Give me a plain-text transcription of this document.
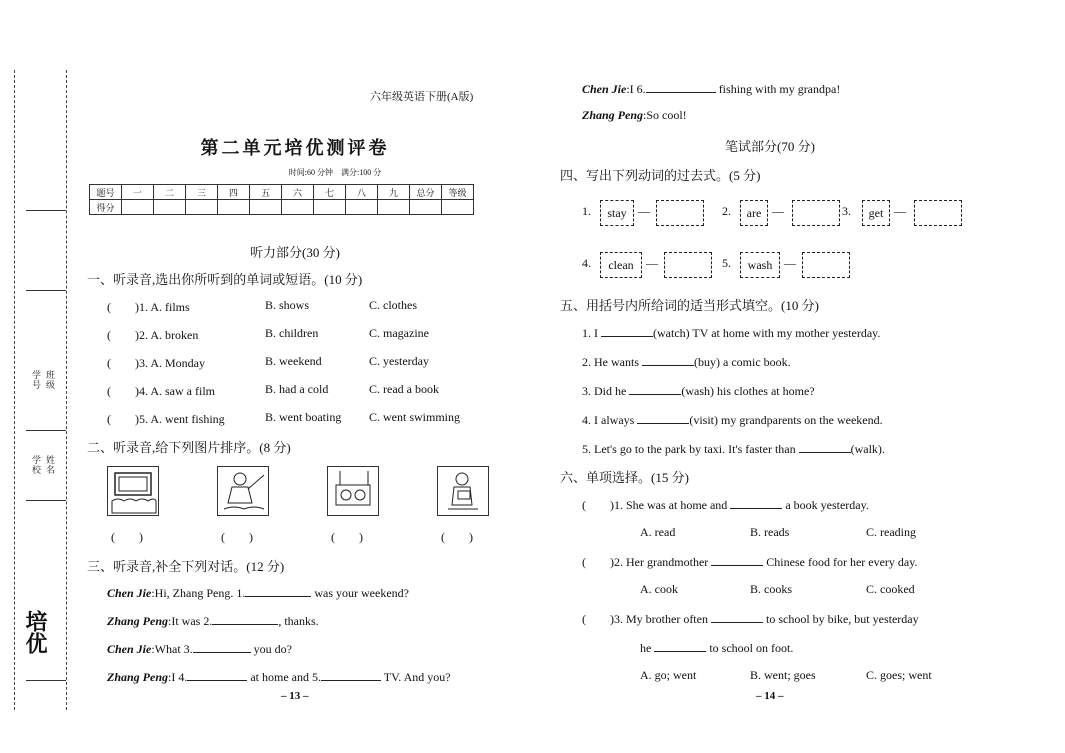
班级
学号
姓名
学校
培优
六年级英语下册(A版)
第二单元培优测评卷
时间:60 分钟　满分:100 分
题号	一	二	三	四	五	六	七	八	九	总分	等级
得分											
听力部分(30 分)
一、听录音,选出你所听到的单词或短语。(10 分)
(　　)1. A. films	B. shows	C. clothes
(　　)2. A. broken	B. children	C. magazine
(　　)3. A. Monday	B. weekend	C. yesterday
(　　)4. A. saw a film	B. had a cold	C. read a book
(　　)5. A. went fishing	B. went boating C. went swimming
二、听录音,给下列图片排序。(8 分)
(　　)	(　　)	(　　)	(　　)
三、听录音,补全下列对话。(12 分)
Chen Jie:Hi, Zhang Peng. 1.	was your weekend?
Zhang Peng:It was 2.	, thanks.
Chen Jie:What 3.	you do?
Zhang Peng:I 4.	at home and 5.	TV. And you?
– 13 –
Chen Jie:I 6.	fishing with my grandpa!
Zhang Peng:So cool!
笔试部分(70 分)
四、写出下列动词的过去式。(5 分)
1.	stay —	2.	are —	3.	get —
4.	clean	—	5.	wash —
五、用括号内所给词的适当形式填空。(10 分)
1. I	(watch) TV at home with my mother yesterday.
2. He wants	(buy) a comic book.
3. Did he	(wash) his clothes at home?
4. I always	(visit) my grandparents on the weekend.
5. Let's go to the park by taxi. It's faster than	(walk).
六、单项选择。(15 分)
(　　)1. She was at home and	a book yesterday.
A. read	B. reads	C. reading
(　　)2. Her grandmother	Chinese food for her every day.
A. cook	B. cooks	C. cooked
(　　)3. My brother often	to school by bike, but yesterday
he	to school on foot.
A. go; went	B. went; goes	C. goes; went
– 14 –
